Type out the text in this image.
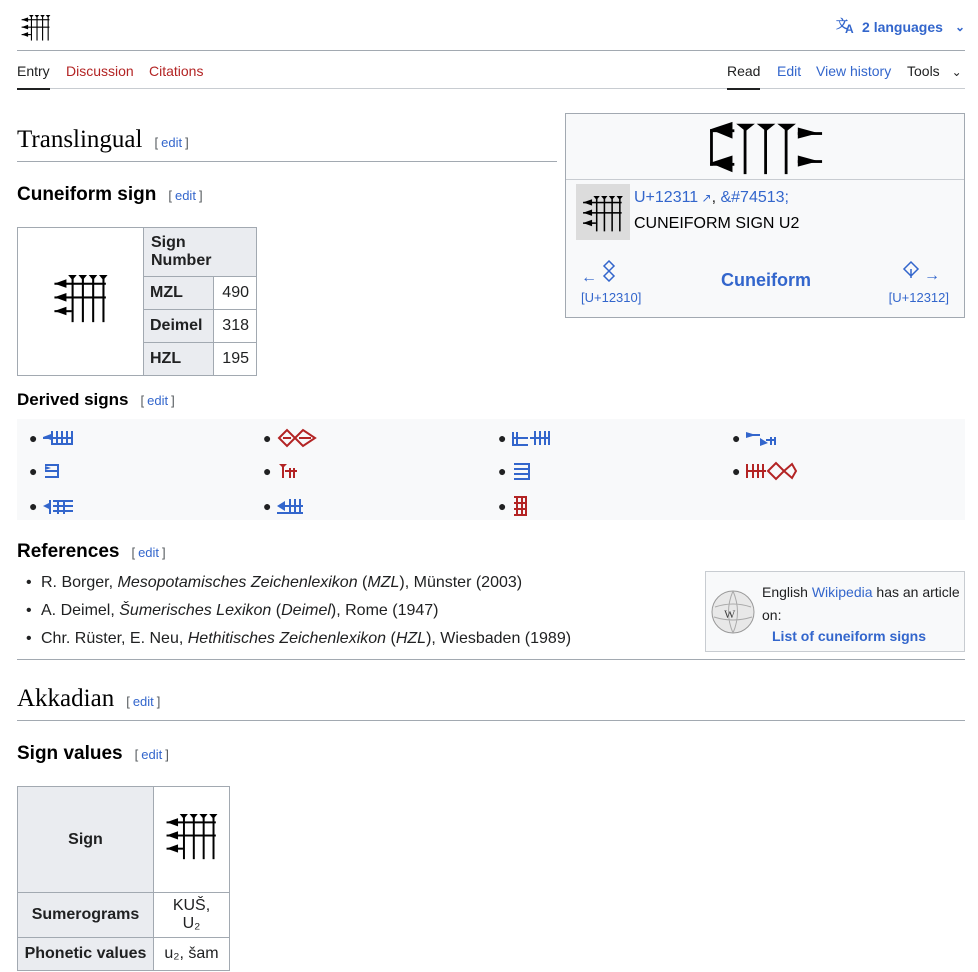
文
A 2 languages ⌄
Entry Discussion Citations	Read Edit View history Tools ⌄
Translingual [ edit ]
Cuneiform sign [ edit ]
	Sign Number	
	MZL	490
	Deimel	318
	HZL	195
U+12311 ↗, &#74513;
CUNEIFORM SIGN U2
←
[U+12310]
Cuneiform	→
[U+12312]
Derived signs [ edit ]
●
●
●
●
●
●
●
●
●
●
●
References [ edit ]
• R. Borger, Mesopotamisches Zeichenlexikon (MZL), Münster (2003)
• A. Deimel, Šumerisches Lexikon (Deimel), Rome (1947)
• Chr. Rüster, E. Neu, Hethitisches Zeichenlexikon (HZL), Wiesbaden (1989)
W
English Wikipedia has an article on:
List of cuneiform signs
Akkadian [ edit ]
Sign values [ edit ]
Sign	
Sumerograms	KUŠ, U₂
Phonetic values	u₂, šam
